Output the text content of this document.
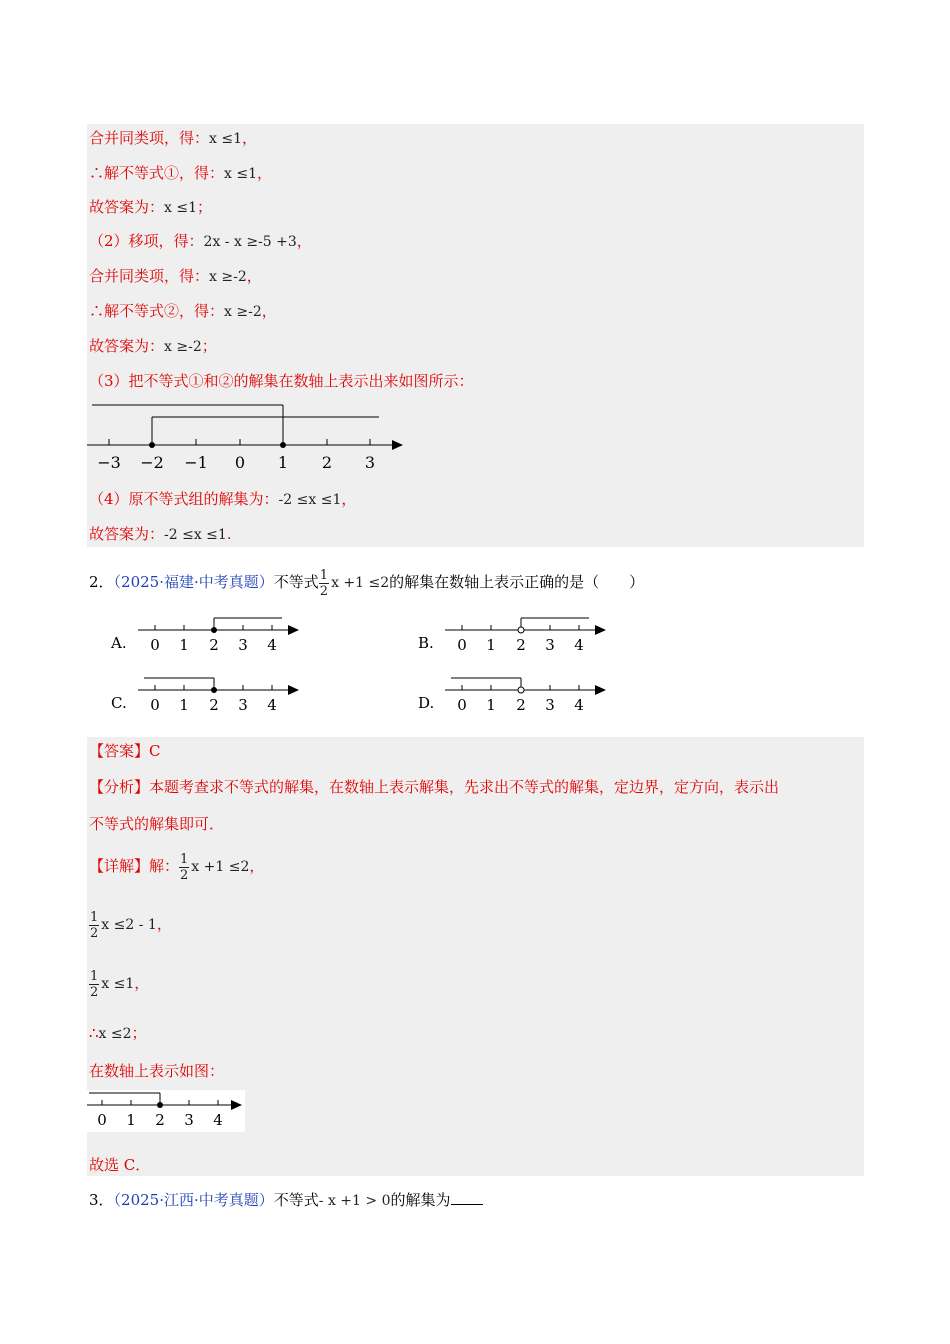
合并同类项，得：x ≤1，
∴解不等式①，得：x ≤1，
故答案为：x ≤1；
（2）移项，得：2x - x ≥-5 +3，
合并同类项，得：x ≥-2，
∴解不等式②，得：x ≥-2，
故答案为：x ≥-2；
（3）把不等式①和②的解集在数轴上表示出来如图所示：
−3 −2 −1 0 1 2 3
（4）原不等式组的解集为：-2 ≤x ≤1，
故答案为：-2 ≤x ≤1.
2．（2025·福建·中考真题）不等式 $\frac{1}{2}$ x +1 ≤2的解集在数轴上表示正确的是（　　）
A. 0 1 2 3 4	B. 0 1 2 3 4
C. 0 1 2 3 4	D. 0 1 2 3 4
【答案】C
【分析】本题考查求不等式的解集，在数轴上表示解集，先求出不等式的解集，定边界，定方向，表示出
不等式的解集即可．
【详解】解： $\frac{1}{2}$ x +1 ≤2，
$\frac{1}{2}$ x ≤2 - 1，
$\frac{1}{2}$ x ≤1，
∴x ≤2；
在数轴上表示如图：
0 1 2 3 4
故选 C．
3．（2025·江西·中考真题）不等式- x +1 > 0的解集为
